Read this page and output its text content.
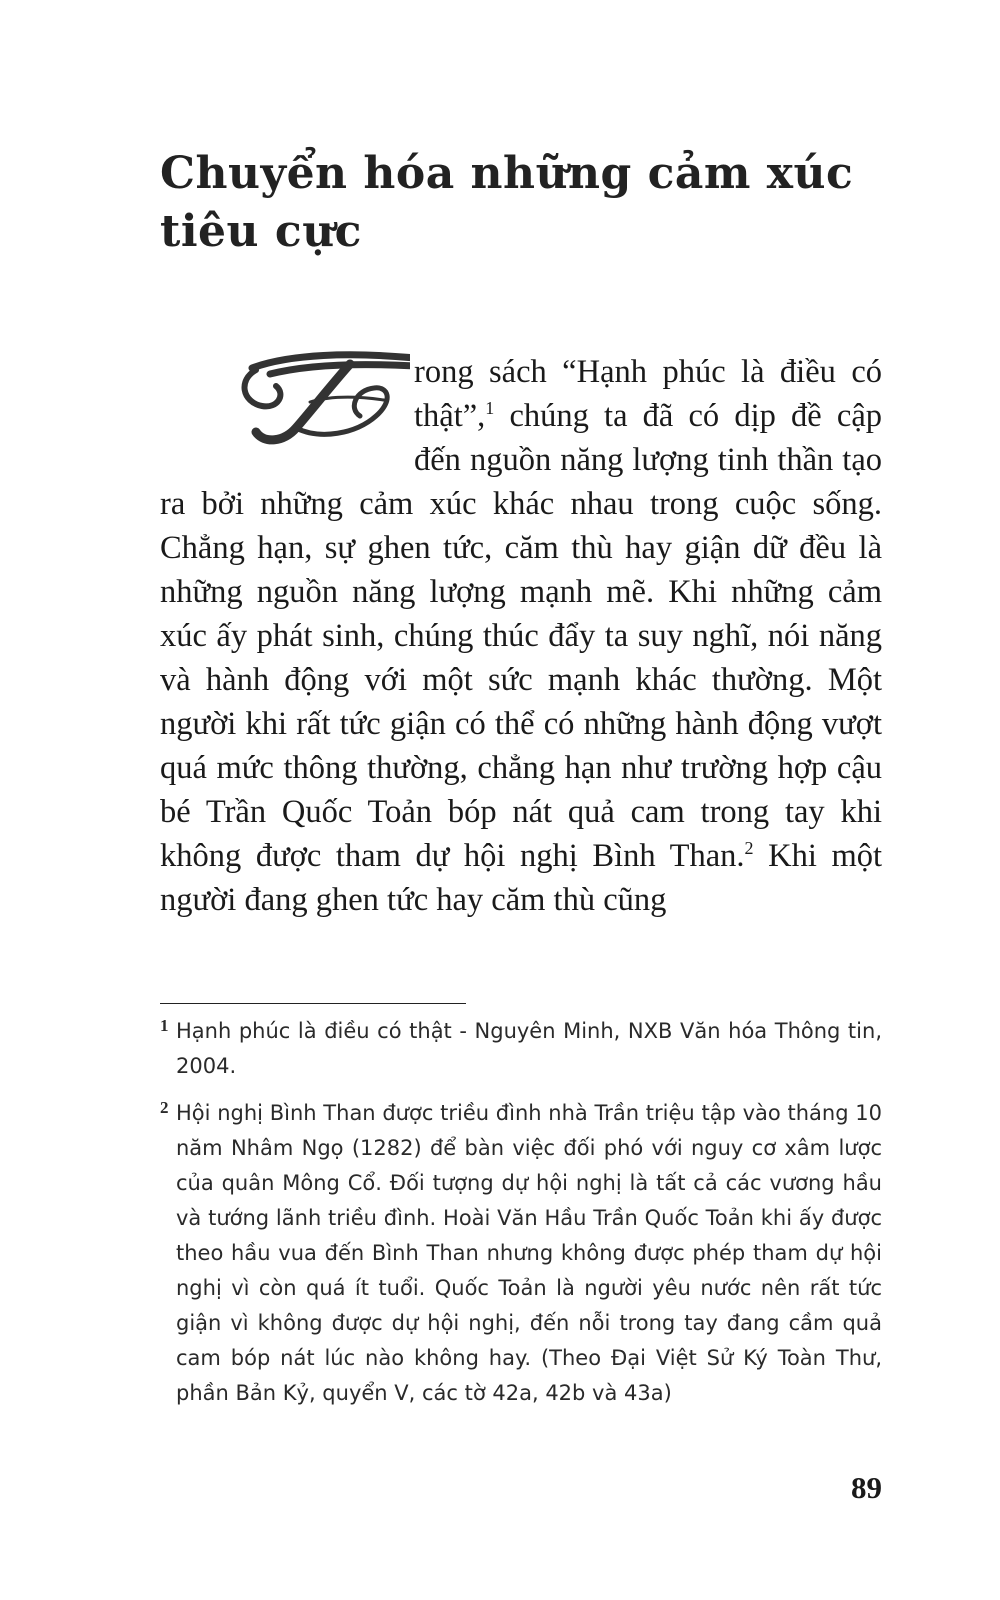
Chuyển hóa những cảm xúc
tiêu cực

rong sách “Hạnh phúc là điều có thật”,$^1$ chúng ta đã có dịp đề cập đến nguồn năng lượng tinh thần tạo ra bởi những cảm xúc khác nhau trong cuộc sống. Chẳng hạn, sự ghen tức, căm thù hay giận dữ đều là những nguồn năng lượng mạnh mẽ. Khi những cảm xúc ấy phát sinh, chúng thúc đẩy ta suy nghĩ, nói năng và hành động với một sức mạnh khác thường. Một người khi rất tức giận có thể có những hành động vượt quá mức thông thường, chẳng hạn như trường hợp cậu bé Trần Quốc Toản bóp nát quả cam trong tay khi không được tham dự hội nghị Bình Than.$^2$ Khi một người đang ghen tức hay căm thù cũng

1 Hạnh phúc là điều có thật - Nguyên Minh, NXB Văn hóa Thông tin, 2004.
2 Hội nghị Bình Than được triều đình nhà Trần triệu tập vào tháng 10 năm Nhâm Ngọ (1282) để bàn việc đối phó với nguy cơ xâm lược của quân Mông Cổ. Đối tượng dự hội nghị là tất cả các vương hầu và tướng lãnh triều đình. Hoài Văn Hầu Trần Quốc Toản khi ấy được theo hầu vua đến Bình Than nhưng không được phép tham dự hội nghị vì còn quá ít tuổi. Quốc Toản là người yêu nước nên rất tức giận vì không được dự hội nghị, đến nỗi trong tay đang cầm quả cam bóp nát lúc nào không hay. (Theo Đại Việt Sử Ký Toàn Thư, phần Bản Kỷ, quyển V, các tờ 42a, 42b và 43a)
89
